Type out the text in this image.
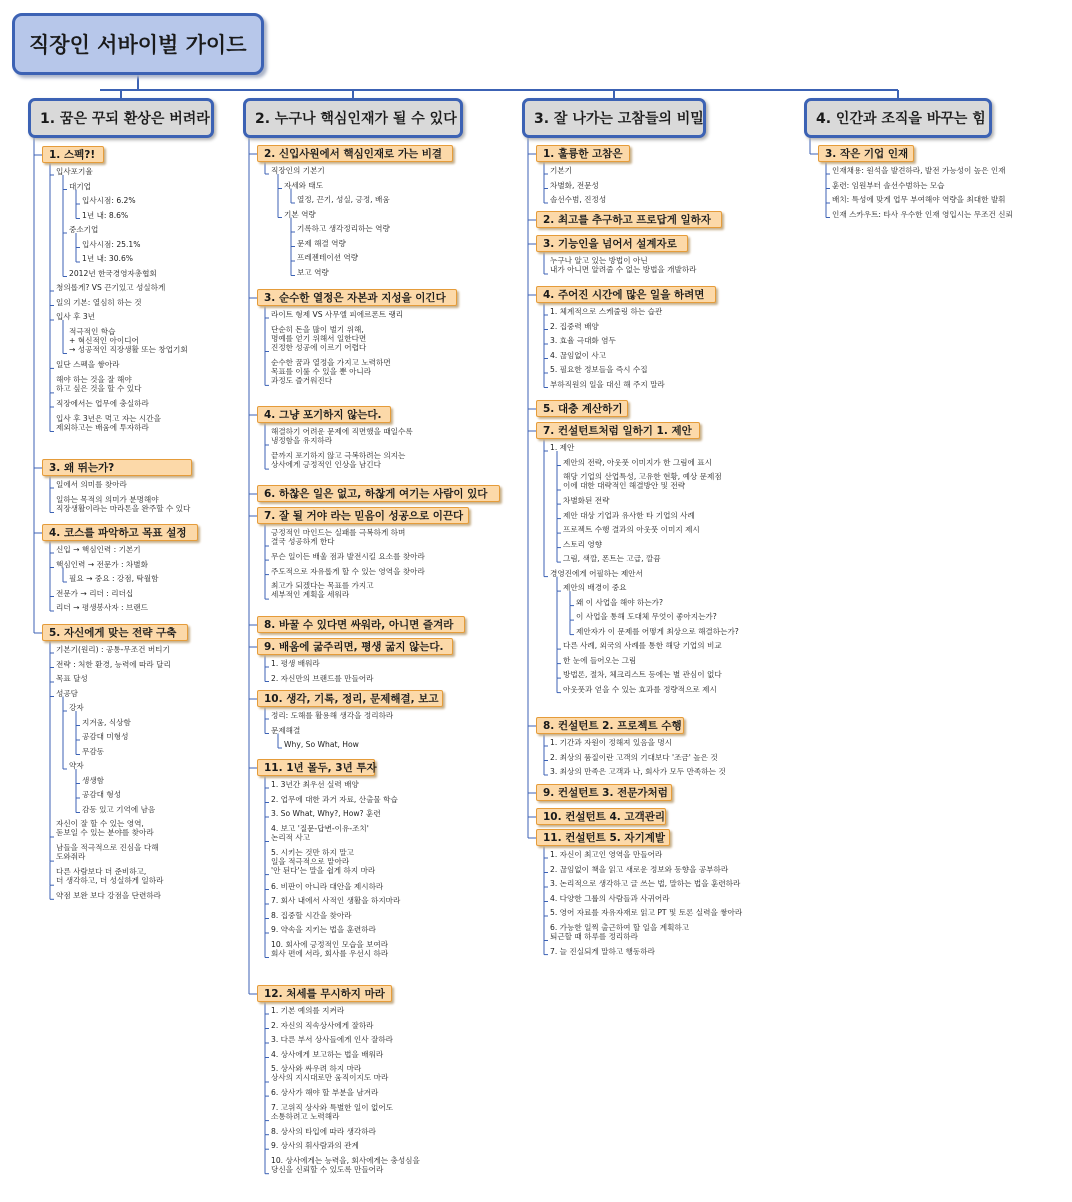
직장인 서바이벌 가이드
1. 꿈은 꾸되 환상은 버려라
1. 스펙?!
입사포기율
대기업
입사시점: 6.2%
1년 내: 8.6%
중소기업
입사시점: 25.1%
1년 내: 30.6%
2012년 한국경영자총협회
청의롭게? VS 끈기있고 성실하게
일의 기본: 열심히 하는 것
입사 후 3년
적극적인 학습
+ 혁신적인 아이디어
→ 성공적인 직장생활 또는 창업기회
일단 스펙을 쌓아라
해야 하는 것을 잘 해야
하고 싶은 것을 할 수 있다
직장에서는 업무에 충실하라
입사 후 3년은 먹고 자는 시간을
제외하고는 배움에 투자하라
3. 왜 뛰는가?
일에서 의미를 찾아라
일하는 목적의 의미가 분명해야
직장생활이라는 마라톤을 완주할 수 있다
4. 코스를 파악하고 목표 설정
신입 → 핵심인력 : 기본기
핵심인력 → 전문가 : 차별화
필요 → 중요 : 강점, 탁월함
전문가 → 리더 : 리더십
리더 → 평생봉사자 : 브랜드
5. 자신에게 맞는 전략 구축
기본기(원리) : 공통-무조건 버티기
전략 : 처한 환경, 능력에 따라 달리
목표 달성
성공담
강자
지겨움, 식상함
공감대 미형성
무감동
약자
생생함
공감대 형성
감동 있고 기억에 남음
자신이 잘 할 수 있는 영역,
돋보일 수 있는 분야를 찾아라
남들을 적극적으로 진심을 다해
도와줘라
다른 사람보다 더 준비하고,
더 생각하고, 더 성실하게 일하라
약점 보완 보다 강점을 단련하라
2. 누구나 핵심인재가 될 수 있다
2. 신입사원에서 핵심인재로 가는 비결
직장인의 기본기
자세와 태도
열정, 끈기, 성실, 긍정, 배움
기본 역량
기록하고 생각정리하는 역량
문제 해결 역량
프레젠테이션 역량
보고 역량
3. 순수한 열정은 자본과 지성을 이긴다
라이트 형제 VS 사무엘 피에르폰트 랭리
단순히 돈을 많이 벌기 위해,
명예를 얻기 위해서 일한다면
진정한 성공에 이르기 어렵다
순수한 꿈과 열정을 가지고 노력하면
목표를 이룰 수 있을 뿐 아니라
과정도 즐거워진다
4. 그냥 포기하지 않는다.
해결하기 어려운 문제에 직면했을 때일수록
냉정함을 유지하라
끝까지 포기하지 않고 극복하려는 의지는
상사에게 긍정적인 인상을 남긴다
6. 하찮은 일은 없고, 하찮게 여기는 사람이 있다
7. 잘 될 거야 라는 믿음이 성공으로 이끈다
긍정적인 마인드는 실패를 극복하게 하며
결국 성공하게 한다
무슨 일이든 배울 점과 발전시킬 요소를 찾아라
주도적으로 자유롭게 할 수 있는 영역을 찾아라
최고가 되겠다는 목표를 가지고
세부적인 계획을 세워라
8. 바꿀 수 있다면 싸워라, 아니면 즐겨라
9. 배움에 굶주리면, 평생 굶지 않는다.
1. 평생 배워라
2. 자신만의 브랜드를 만들어라
10. 생각, 기록, 정리, 문제해결, 보고
정리: 도해를 활용해 생각을 정리하라
문제해결
Why, So What, How
11. 1년 몰두, 3년 투자
1. 3년간 최우선 실력 배양
2. 업무에 대한 과거 자료, 산출물 학습
3. So What, Why?, How? 훈련
4. 보고 '질문-답변-이유-조치'
논리적 사고
5. 시키는 것만 하지 말고
일을 적극적으로 맡아라
'안 된다'는 말을 쉽게 하지 마라
6. 비판이 아니라 대안을 제시하라
7. 회사 내에서 사적인 생활을 하지마라
8. 집중할 시간을 찾아라
9. 약속을 지키는 법을 훈련하라
10. 회사에 긍정적인 모습을 보여라
회사 편에 서라, 회사를 우선시 하라
12. 처세를 무시하지 마라
1. 기본 예의를 지켜라
2. 자신의 직속상사에게 잘하라
3. 다른 부서 상사들에게 인사 잘하라
4. 상사에게 보고하는 법을 배워라
5. 상사와 싸우려 하지 마라
상사의 지시대로만 움직이지도 마라
6. 상사가 해야 할 부분을 남겨라
7. 고위직 상사와 특별한 일이 없어도
소통하려고 노력해라
8. 상사의 타입에 따라 생각하라
9. 상사의 휘사람과의 관계
10. 상사에게는 능력을, 회사에게는 충성심을
당신을 신뢰할 수 있도록 만들어라
3. 잘 나가는 고참들의 비밀
1. 훌륭한 고참은
기본기
차별화, 전문성
솔선수범, 진정성
2. 최고를 추구하고 프로답게 일하자
3. 기능인을 넘어서 설계자로
누구나 알고 있는 방법이 아닌
내가 아니면 알려줄 수 없는 방법을 개발하라
4. 주어진 시간에 많은 일을 하려면
1. 체계적으로 스케줄링 하는 습관
2. 집중력 배양
3. 효율 극대화 염두
4. 끊임없이 사고
5. 필요한 정보들을 즉시 수집
부하직원의 일을 대신 해 주지 말라
5. 대충 계산하기
7. 컨설턴트처럼 일하기 1. 제안
1. 제안
제안의 전략, 아웃풋 이미지가 한 그림에 표시
해당 기업의 산업특성, 고유한 현황, 예상 문제점
이에 대한 대략적인 해결방안 및 전략
차별화된 전략
제안 대상 기업과 유사한 타 기업의 사례
프로젝트 수행 결과의 아웃풋 이미지 제시
스토리 영향
그림, 색깔, 폰트는 고급, 깔끔
경영진에게 어필하는 제안서
제안의 배경이 중요
왜 이 사업을 해야 하는가?
이 사업을 통해 도대체 무엇이 좋아지는가?
제안자가 이 문제를 어떻게 최상으로 해결하는가?
다른 사례, 외국의 사례를 통한 해당 기업의 비교
한 눈에 들어오는 그림
방법론, 절차, 체크리스트 등에는 별 관심이 없다
아웃풋과 얻을 수 있는 효과를 정량적으로 제시
8. 컨설턴트 2. 프로젝트 수행
1. 기간과 자원이 정해져 있음을 명시
2. 최상의 품질이란 고객의 기대보다 '조금' 높은 것
3. 최상의 만족은 고객과 나, 회사가 모두 만족하는 것
9. 컨설턴트 3. 전문가처럼
10. 컨설턴트 4. 고객관리
11. 컨설턴트 5. 자기계발
1. 자신이 최고인 영역을 만들어라
2. 끊임없이 책을 읽고 새로운 정보와 동향을 공부하라
3. 논리적으로 생각하고 글 쓰는 법, 말하는 법을 훈련하라
4. 다양한 그룹의 사람들과 사귀어라
5. 영어 자료를 자유자재로 읽고 PT 및 토론 실력을 쌓아라
6. 가능한 일찍 출근하여 할 일을 계획하고
퇴근할 때 하루를 정리하라
7. 늘 진실되게 말하고 행동하라
4. 인간과 조직을 바꾸는 힘
3. 작은 기업 인재
인재채용: 원석을 발견하라, 발전 가능성이 높은 인재
훈련: 임원부터 솔선수범하는 모습
배치: 특성에 맞게 업무 부여해야 역량을 최대한 발휘
인재 스카우트: 타사 우수한 인재 영입시는 무조건 신뢰
